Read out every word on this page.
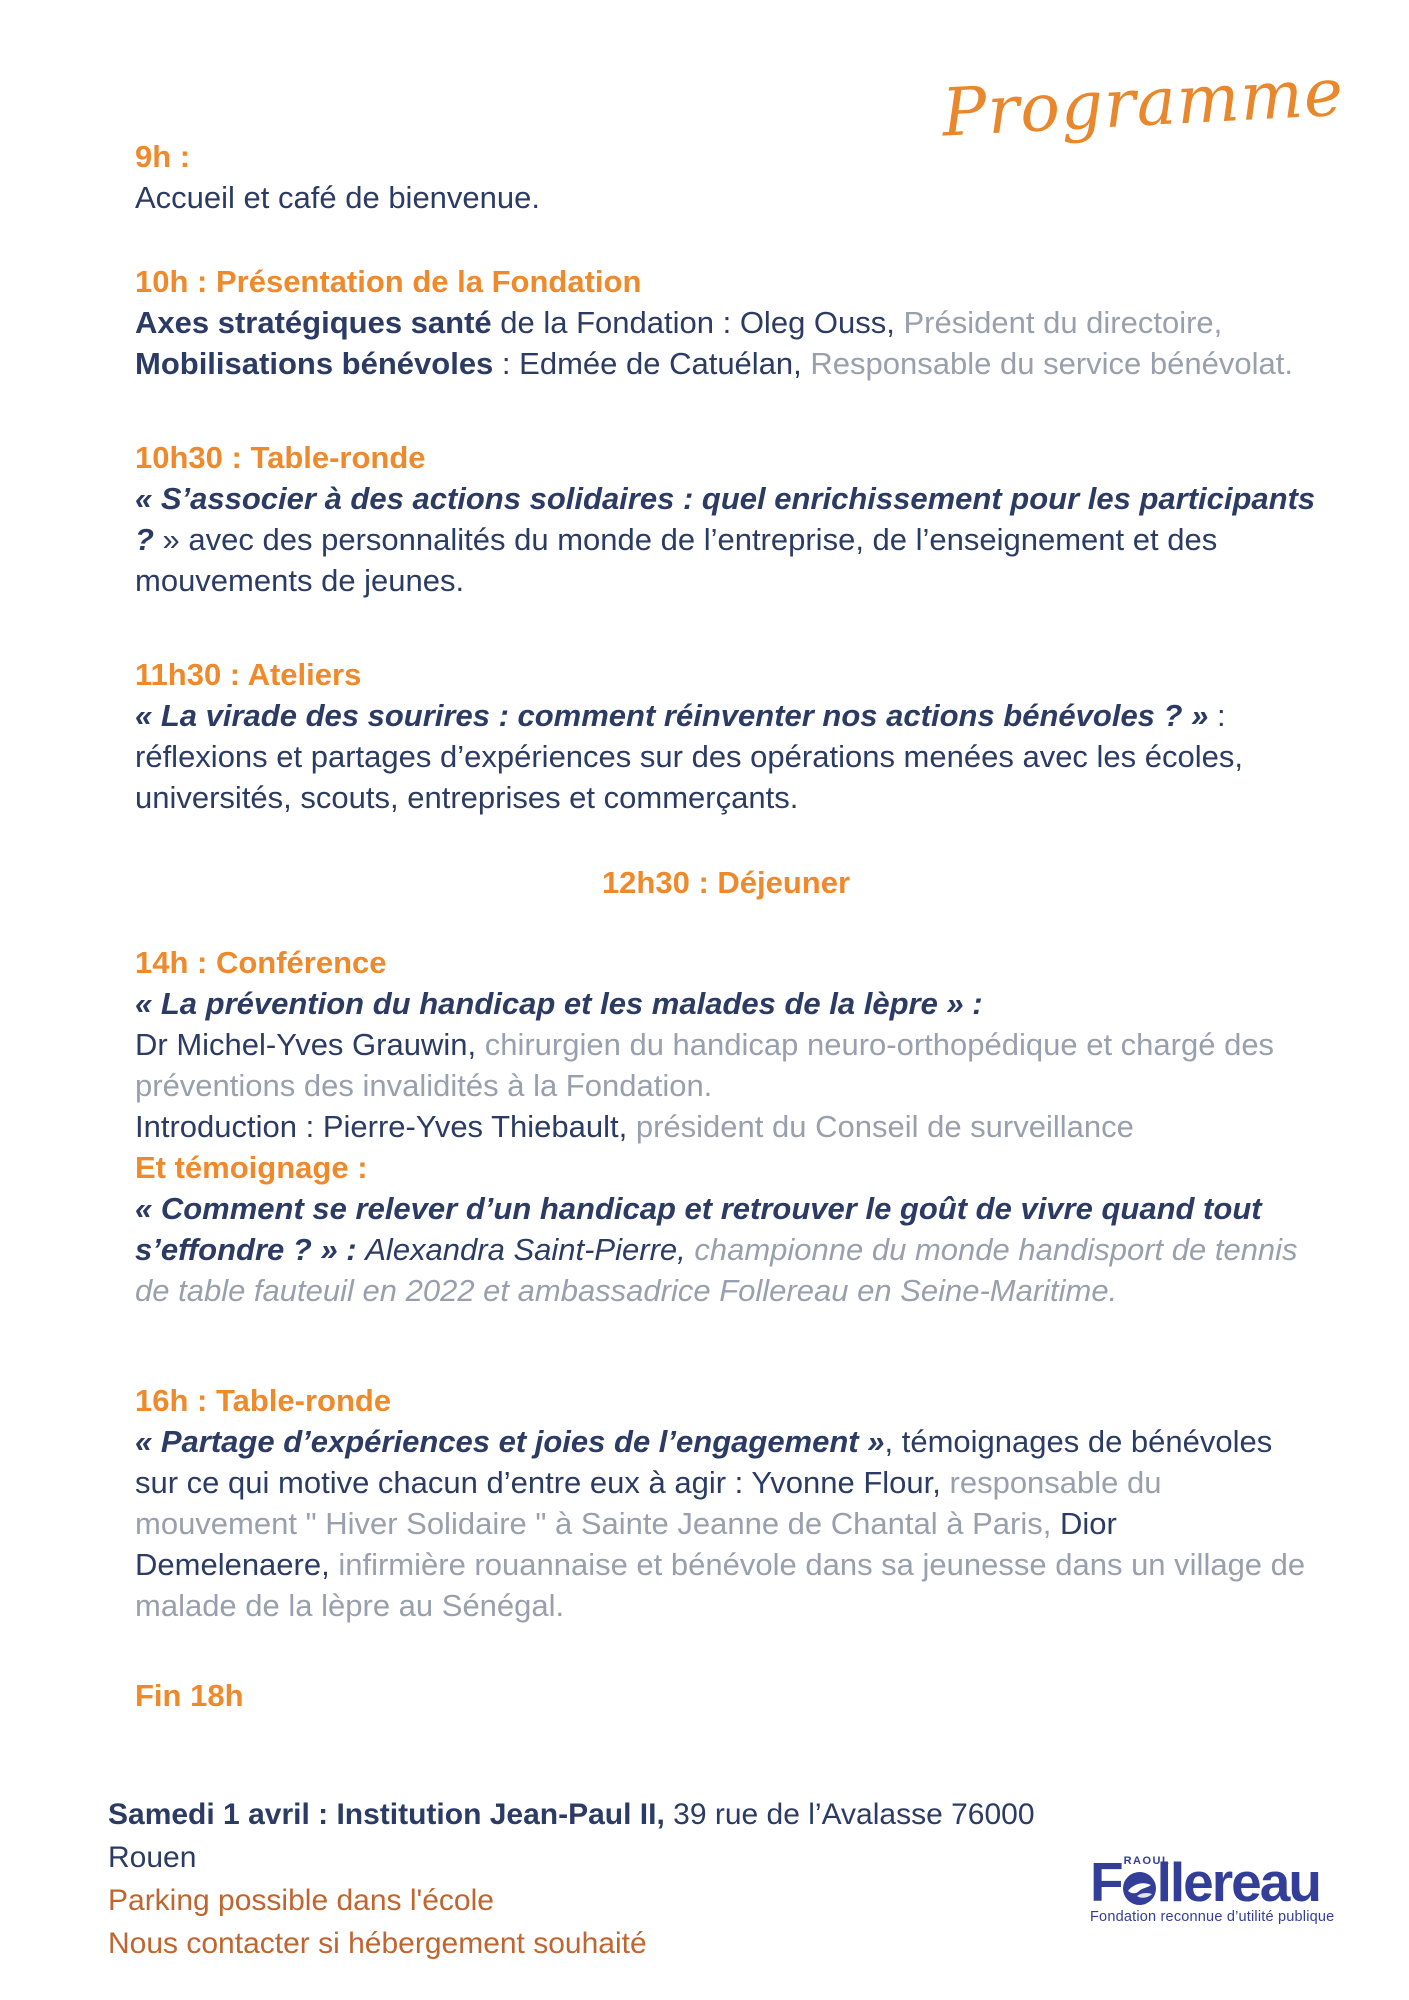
Programme
9h :
Accueil et café de bienvenue.
10h : Présentation de la Fondation
Axes stratégiques santé de la Fondation : Oleg Ouss, Président du directoire,
Mobilisations bénévoles : Edmée de Catuélan, Responsable du service bénévolat.
10h30 : Table-ronde
« S’associer à des actions solidaires : quel enrichissement pour les participants ? » avec des personnalités du monde de l’entreprise, de l’enseignement et des mouvements de jeunes.
11h30 : Ateliers
« La virade des sourires : comment réinventer nos actions bénévoles ? » : réflexions et partages d’expériences sur des opérations menées avec les écoles, universités, scouts, entreprises et commerçants.
12h30 : Déjeuner
14h : Conférence
« La prévention du handicap et les malades de la lèpre » :
Dr Michel-Yves Grauwin, chirurgien du handicap neuro-orthopédique et chargé des préventions des invalidités à la Fondation.
Introduction : Pierre-Yves Thiebault, président du Conseil de surveillance
Et témoignage :
« Comment se relever d’un handicap et retrouver le goût de vivre quand tout s’effondre ? » : Alexandra Saint-Pierre, championne du monde handisport de tennis de table fauteuil en 2022 et ambassadrice Follereau en Seine-Maritime.
16h : Table-ronde
« Partage d’expériences et joies de l’engagement », témoignages de bénévoles sur ce qui motive chacun d’entre eux à agir : Yvonne Flour, responsable du mouvement " Hiver Solidaire " à Sainte Jeanne de Chantal à Paris, Dior Demelenaere, infirmière rouannaise et bénévole dans sa jeunesse dans un village de malade de la lèpre au Sénégal.
Fin 18h
Samedi 1 avril : Institution Jean-Paul II, 39 rue de l’Avalasse 76000 Rouen
Parking possible dans l'école
Nous contacter si hébergement souhaité
F RAOUL
llereau
Fondation reconnue d’utilité publique
